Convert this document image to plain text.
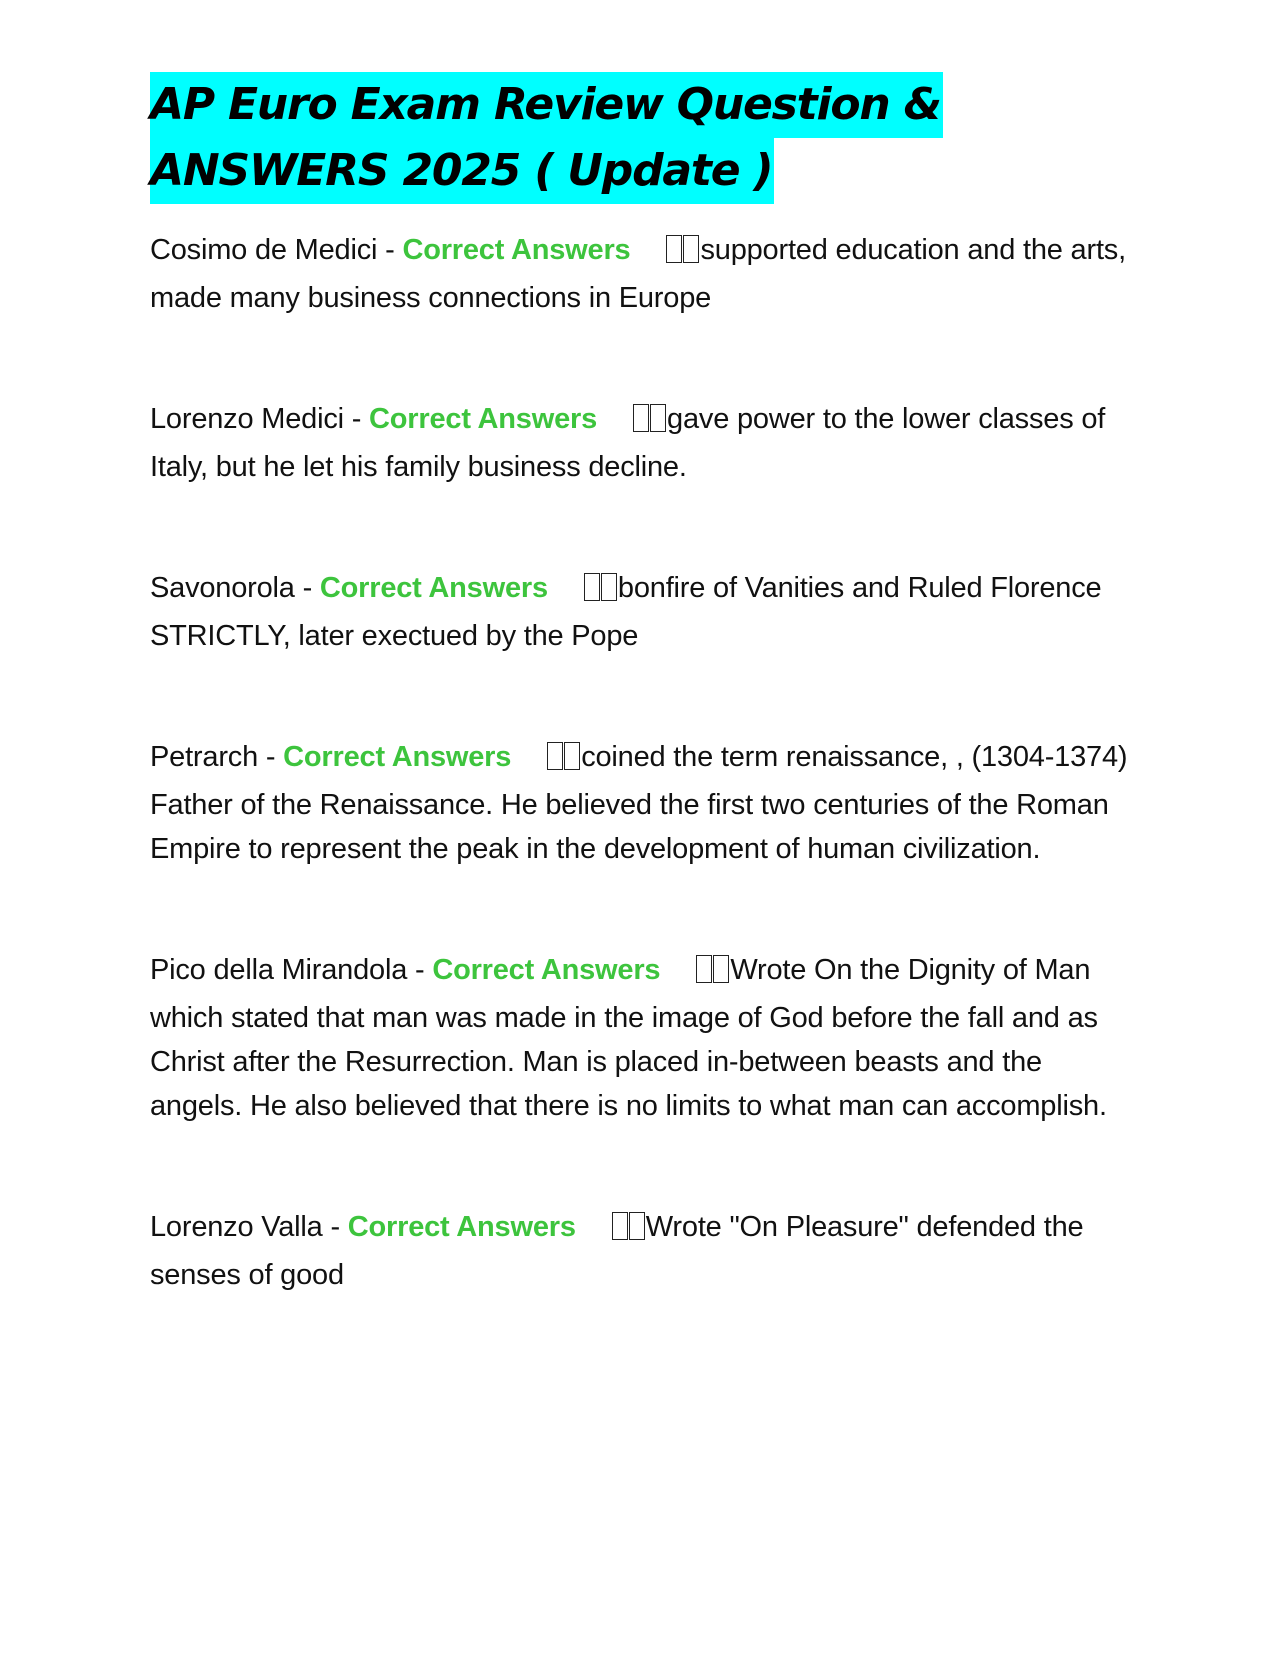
AP Euro Exam Review Question &
ANSWERS 2025 ( Update )

Cosimo de Medici - Correct Answers supported education and the arts, made many business connections in Europe

Lorenzo Medici - Correct Answers gave power to the lower classes of Italy, but he let his family business decline.

Savonorola - Correct Answers bonfire of Vanities and Ruled Florence STRICTLY, later exectued by the Pope

Petrarch - Correct Answers coined the term renaissance, , (1304-1374) Father of the Renaissance. He believed the first two centuries of the Roman Empire to represent the peak in the development of human civilization.

Pico della Mirandola - Correct Answers Wrote On the Dignity of Man which stated that man was made in the image of God before the fall and as Christ after the Resurrection. Man is placed in-between beasts and the angels. He also believed that there is no limits to what man can accomplish.

Lorenzo Valla - Correct Answers Wrote "On Pleasure" defended the senses of good
